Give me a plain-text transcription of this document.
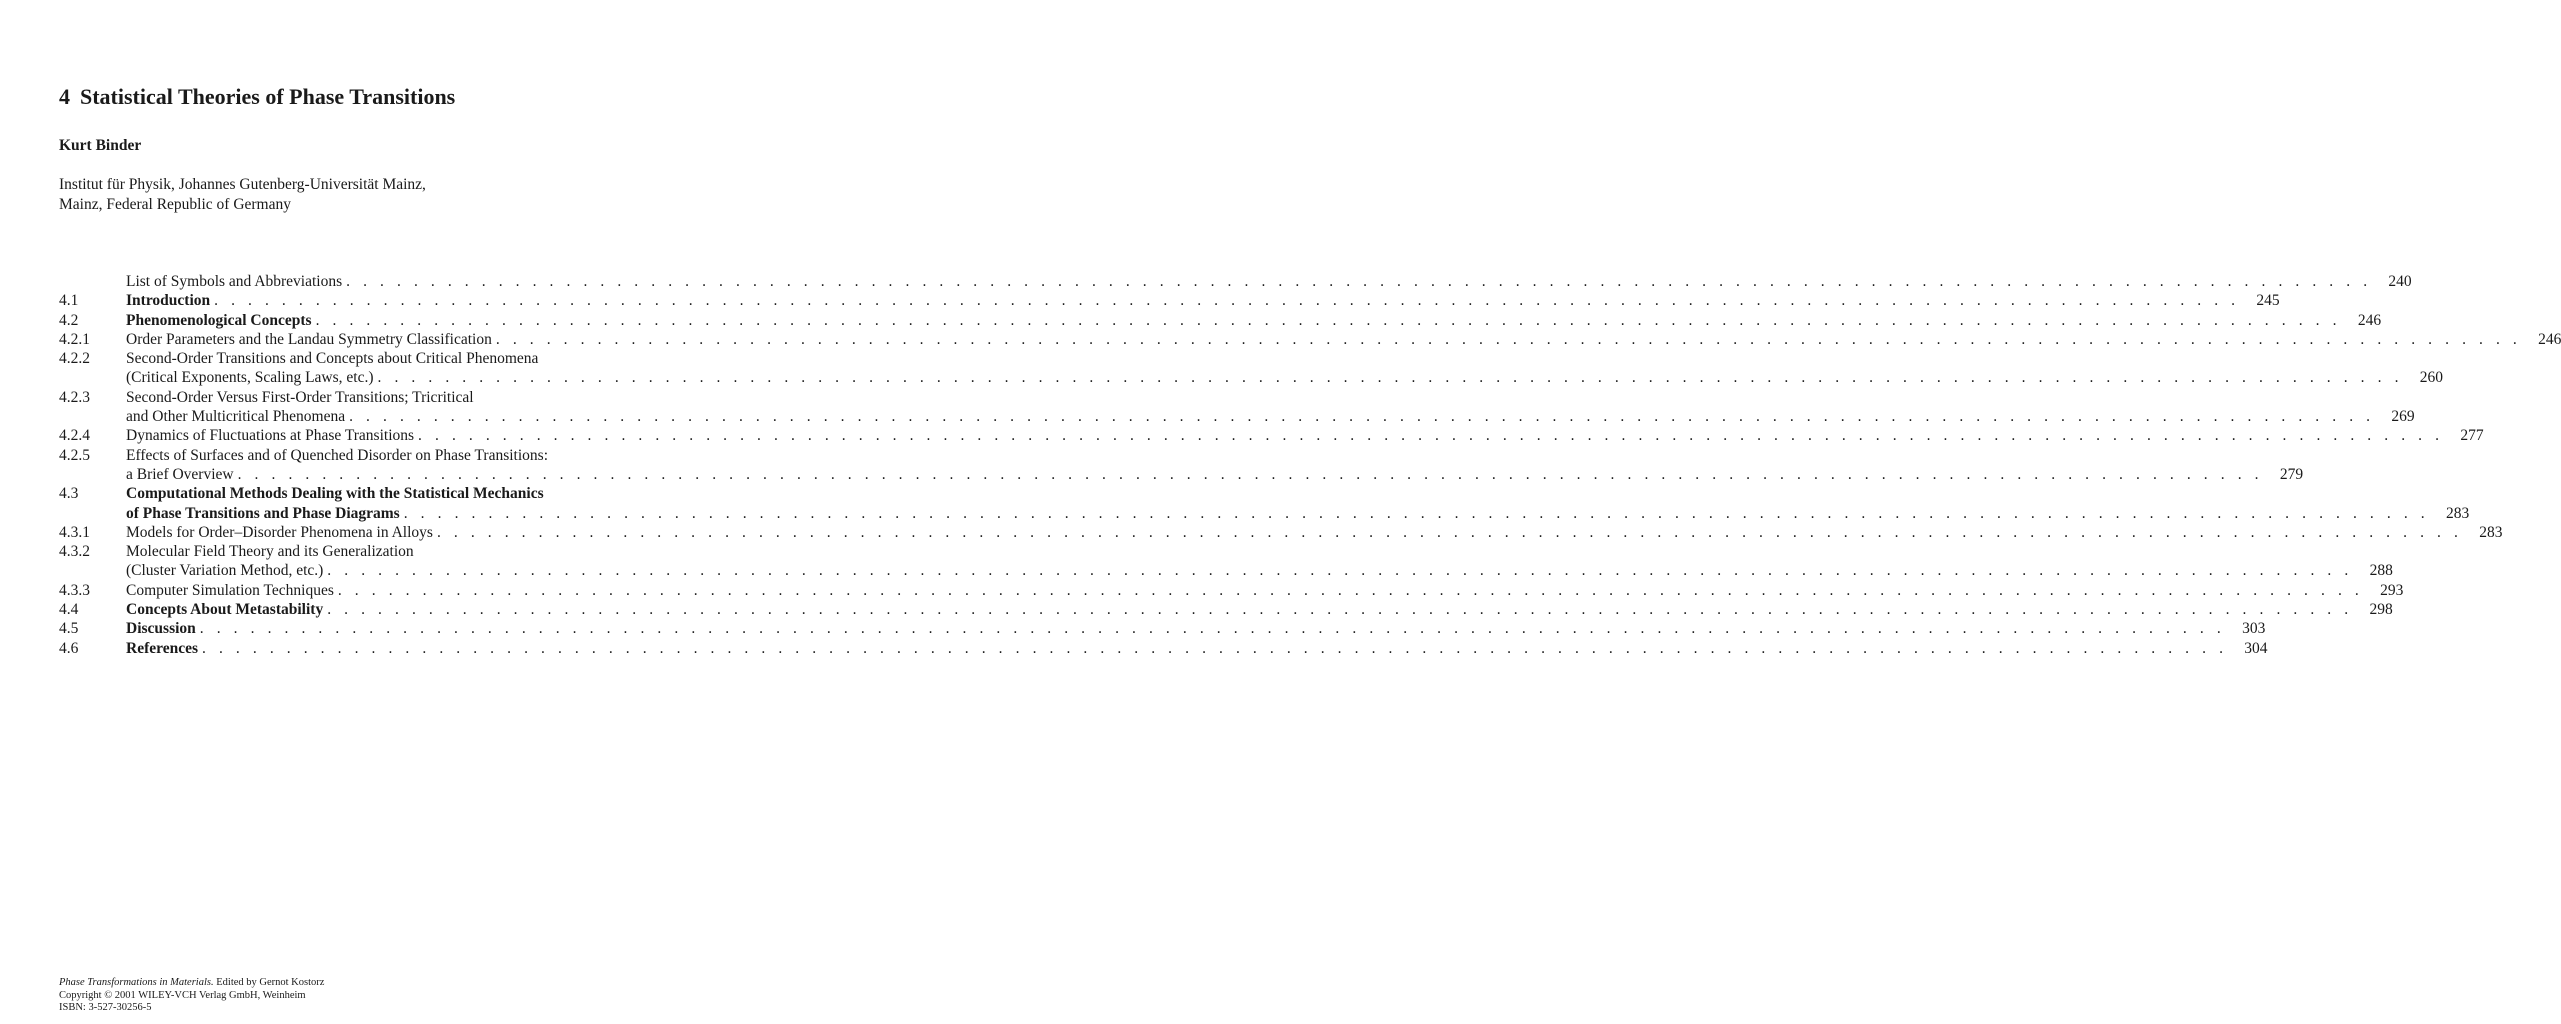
4 Statistical Theories of Phase Transitions
Kurt Binder
Institut für Physik, Johannes Gutenberg-Universität Mainz,
Mainz, Federal Republic of Germany
List of Symbols and Abbreviations . . . . . . . . . . . . . . . . . . . . . . . . . . . . . . . . . . . . . . . . . . . . . . . . . . . . . . . . . . . . . . . . . . . . . . . . . . . . . . . . . . . . . . . . . . . . . . . . . . . . . . . . . . . . . . . . . . . . . . . .	240
4.1	Introduction . . . . . . . . . . . . . . . . . . . . . . . . . . . . . . . . . . . . . . . . . . . . . . . . . . . . . . . . . . . . . . . . . . . . . . . . . . . . . . . . . . . . . . . . . . . . . . . . . . . . . . . . . . . . . . . . . . . . . . . .	245
4.2	Phenomenological Concepts . . . . . . . . . . . . . . . . . . . . . . . . . . . . . . . . . . . . . . . . . . . . . . . . . . . . . . . . . . . . . . . . . . . . . . . . . . . . . . . . . . . . . . . . . . . . . . . . . . . . . . . . . . . . . . . . . . . . . . . .	246
4.2.1	Order Parameters and the Landau Symmetry Classification . . . . . . . . . . . . . . . . . . . . . . . . . . . . . . . . . . . . . . . . . . . . . . . . . . . . . . . . . . . . . . . . . . . . . . . . . . . . . . . . . . . . . . . . . . . . . . . . . . . . . . . . . . . . . . . . . . . . . . . .	246
4.2.2	Second-Order Transitions and Concepts about Critical Phenomena
(Critical Exponents, Scaling Laws, etc.) . . . . . . . . . . . . . . . . . . . . . . . . . . . . . . . . . . . . . . . . . . . . . . . . . . . . . . . . . . . . . . . . . . . . . . . . . . . . . . . . . . . . . . . . . . . . . . . . . . . . . . . . . . . . . . . . . . . . . . . .	260
4.2.3	Second-Order Versus First-Order Transitions; Tricritical
and Other Multicritical Phenomena . . . . . . . . . . . . . . . . . . . . . . . . . . . . . . . . . . . . . . . . . . . . . . . . . . . . . . . . . . . . . . . . . . . . . . . . . . . . . . . . . . . . . . . . . . . . . . . . . . . . . . . . . . . . . . . . . . . . . . . .	269
4.2.4	Dynamics of Fluctuations at Phase Transitions . . . . . . . . . . . . . . . . . . . . . . . . . . . . . . . . . . . . . . . . . . . . . . . . . . . . . . . . . . . . . . . . . . . . . . . . . . . . . . . . . . . . . . . . . . . . . . . . . . . . . . . . . . . . . . . . . . . . . . . .	277
4.2.5	Effects of Surfaces and of Quenched Disorder on Phase Transitions:
a Brief Overview . . . . . . . . . . . . . . . . . . . . . . . . . . . . . . . . . . . . . . . . . . . . . . . . . . . . . . . . . . . . . . . . . . . . . . . . . . . . . . . . . . . . . . . . . . . . . . . . . . . . . . . . . . . . . . . . . . . . . . . .	279
4.3	Computational Methods Dealing with the Statistical Mechanics
of Phase Transitions and Phase Diagrams . . . . . . . . . . . . . . . . . . . . . . . . . . . . . . . . . . . . . . . . . . . . . . . . . . . . . . . . . . . . . . . . . . . . . . . . . . . . . . . . . . . . . . . . . . . . . . . . . . . . . . . . . . . . . . . . . . . . . . . .	283
4.3.1	Models for Order–Disorder Phenomena in Alloys . . . . . . . . . . . . . . . . . . . . . . . . . . . . . . . . . . . . . . . . . . . . . . . . . . . . . . . . . . . . . . . . . . . . . . . . . . . . . . . . . . . . . . . . . . . . . . . . . . . . . . . . . . . . . . . . . . . . . . . .	283
4.3.2	Molecular Field Theory and its Generalization
(Cluster Variation Method, etc.) . . . . . . . . . . . . . . . . . . . . . . . . . . . . . . . . . . . . . . . . . . . . . . . . . . . . . . . . . . . . . . . . . . . . . . . . . . . . . . . . . . . . . . . . . . . . . . . . . . . . . . . . . . . . . . . . . . . . . . . .	288
4.3.3	Computer Simulation Techniques . . . . . . . . . . . . . . . . . . . . . . . . . . . . . . . . . . . . . . . . . . . . . . . . . . . . . . . . . . . . . . . . . . . . . . . . . . . . . . . . . . . . . . . . . . . . . . . . . . . . . . . . . . . . . . . . . . . . . . . .	293
4.4	Concepts About Metastability . . . . . . . . . . . . . . . . . . . . . . . . . . . . . . . . . . . . . . . . . . . . . . . . . . . . . . . . . . . . . . . . . . . . . . . . . . . . . . . . . . . . . . . . . . . . . . . . . . . . . . . . . . . . . . . . . . . . . . . .	298
4.5	Discussion . . . . . . . . . . . . . . . . . . . . . . . . . . . . . . . . . . . . . . . . . . . . . . . . . . . . . . . . . . . . . . . . . . . . . . . . . . . . . . . . . . . . . . . . . . . . . . . . . . . . . . . . . . . . . . . . . . . . . . . .	303
4.6	References . . . . . . . . . . . . . . . . . . . . . . . . . . . . . . . . . . . . . . . . . . . . . . . . . . . . . . . . . . . . . . . . . . . . . . . . . . . . . . . . . . . . . . . . . . . . . . . . . . . . . . . . . . . . . . . . . . . . . . . .	304
Phase Transformations in Materials. Edited by Gernot Kostorz
Copyright © 2001 WILEY-VCH Verlag GmbH, Weinheim
ISBN: 3-527-30256-5
